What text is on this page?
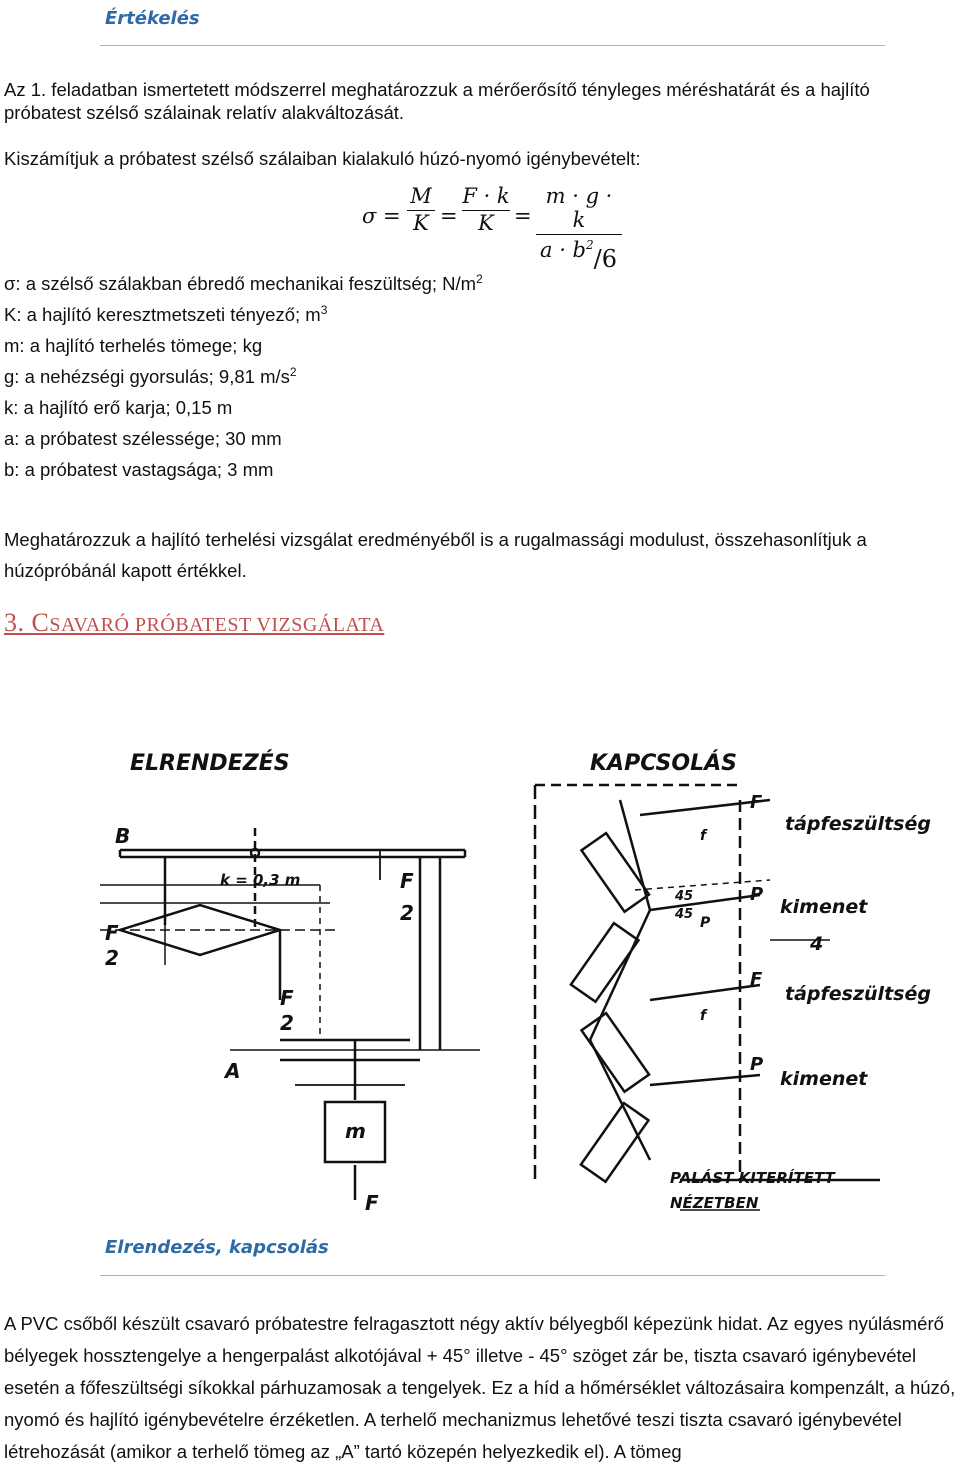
Értékelés
Az 1. feladatban ismertetett módszerrel meghatározzuk a mérőerősítő tényleges méréshatárát és a hajlító próbatest szélső szálainak relatív alakváltozását.
Kiszámítjuk a próbatest szélső szálaiban kialakuló húzó-nyomó igénybevételt:
σ =
M
K =
F · k
K =
m · g · k
$a \cdot b^2/6$
σ: a szélső szálakban ébredő mechanikai feszültség; $N/m^2$
K: a hajlító keresztmetszeti tényező; $m^3$
m: a hajlító terhelés tömege; kg
g: a nehézségi gyorsulás; 9,81 $m/s^2$
k: a hajlító erő karja; 0,15 m
a: a próbatest szélessége; 30 mm
b: a próbatest vastagsága; 3 mm
Meghatározzuk a hajlító terhelési vizsgálat eredményéből is a rugalmassági modulust, összehasonlítjuk a húzópróbánál kapott értékkel.
3. CSAVARÓ PRÓBATEST VIZSGÁLATA
ELRENDEZÉS	KAPCSOLÁS
B
k = 0,3 m	F
2
F
2
F
2
A
m
F
F
tápfeszültség
f
45
45
P
kimenet
P
4
F
tápfeszültség
f
P
kimenet
PALÁST KITERÍTETT
NÉZETBEN
Elrendezés, kapcsolás
A PVC csőből készült csavaró próbatestre felragasztott négy aktív bélyegből képezünk hidat. Az egyes nyúlásmérő bélyegek hossztengelye a hengerpalást alkotójával + 45° illetve - 45° szöget zár be, tiszta csavaró igénybevétel esetén a főfeszültségi síkokkal párhuzamosak a tengelyek. Ez a híd a hőmérséklet változásaira kompenzált, a húzó, nyomó és hajlító igénybevételre érzéketlen. A terhelő mechanizmus lehetővé teszi tiszta csavaró igénybevétel létrehozását (amikor a terhelő tömeg az „A” tartó közepén helyezkedik el). A tömeg
